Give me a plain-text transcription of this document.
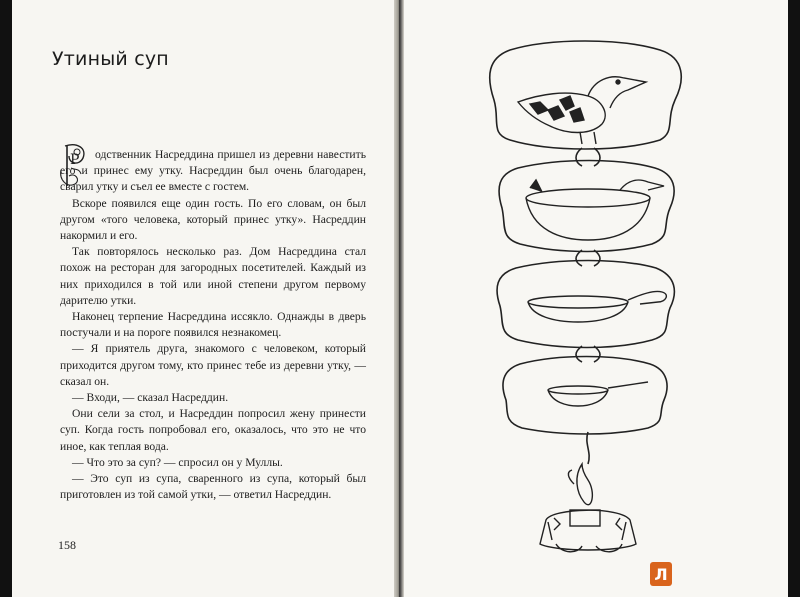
Утиный суп
Р	одственник Насреддина пришел из деревни навестить его и принес ему утку. Насреддин был очень благодарен, сварил утку и съел ее вместе с гостем.

Вскоре появился еще один гость. По его словам, он был другом «того человека, который принес утку». Насреддин накормил и его.

Так повторялось несколько раз. Дом Насреддина стал похож на ресторан для загородных посетителей. Каждый из них приходился в той или иной степени другом первому дарителю утки.

Наконец терпение Насреддина иссякло. Однажды в дверь постучали и на пороге появился незнакомец.

— Я приятель друга, знакомого с человеком, который приходится другом тому, кто принес тебе из деревни утку, — сказал он.

— Входи, — сказал Насреддин.

Они сели за стол, и Насреддин попросил жену принести суп. Когда гость попробовал его, оказалось, что это не что иное, как теплая вода.

— Что это за суп? — спросил он у Муллы.

— Это суп из супа, сваренного из супа, который был приготовлен из той самой утки, — ответил Насреддин.

158
Л
